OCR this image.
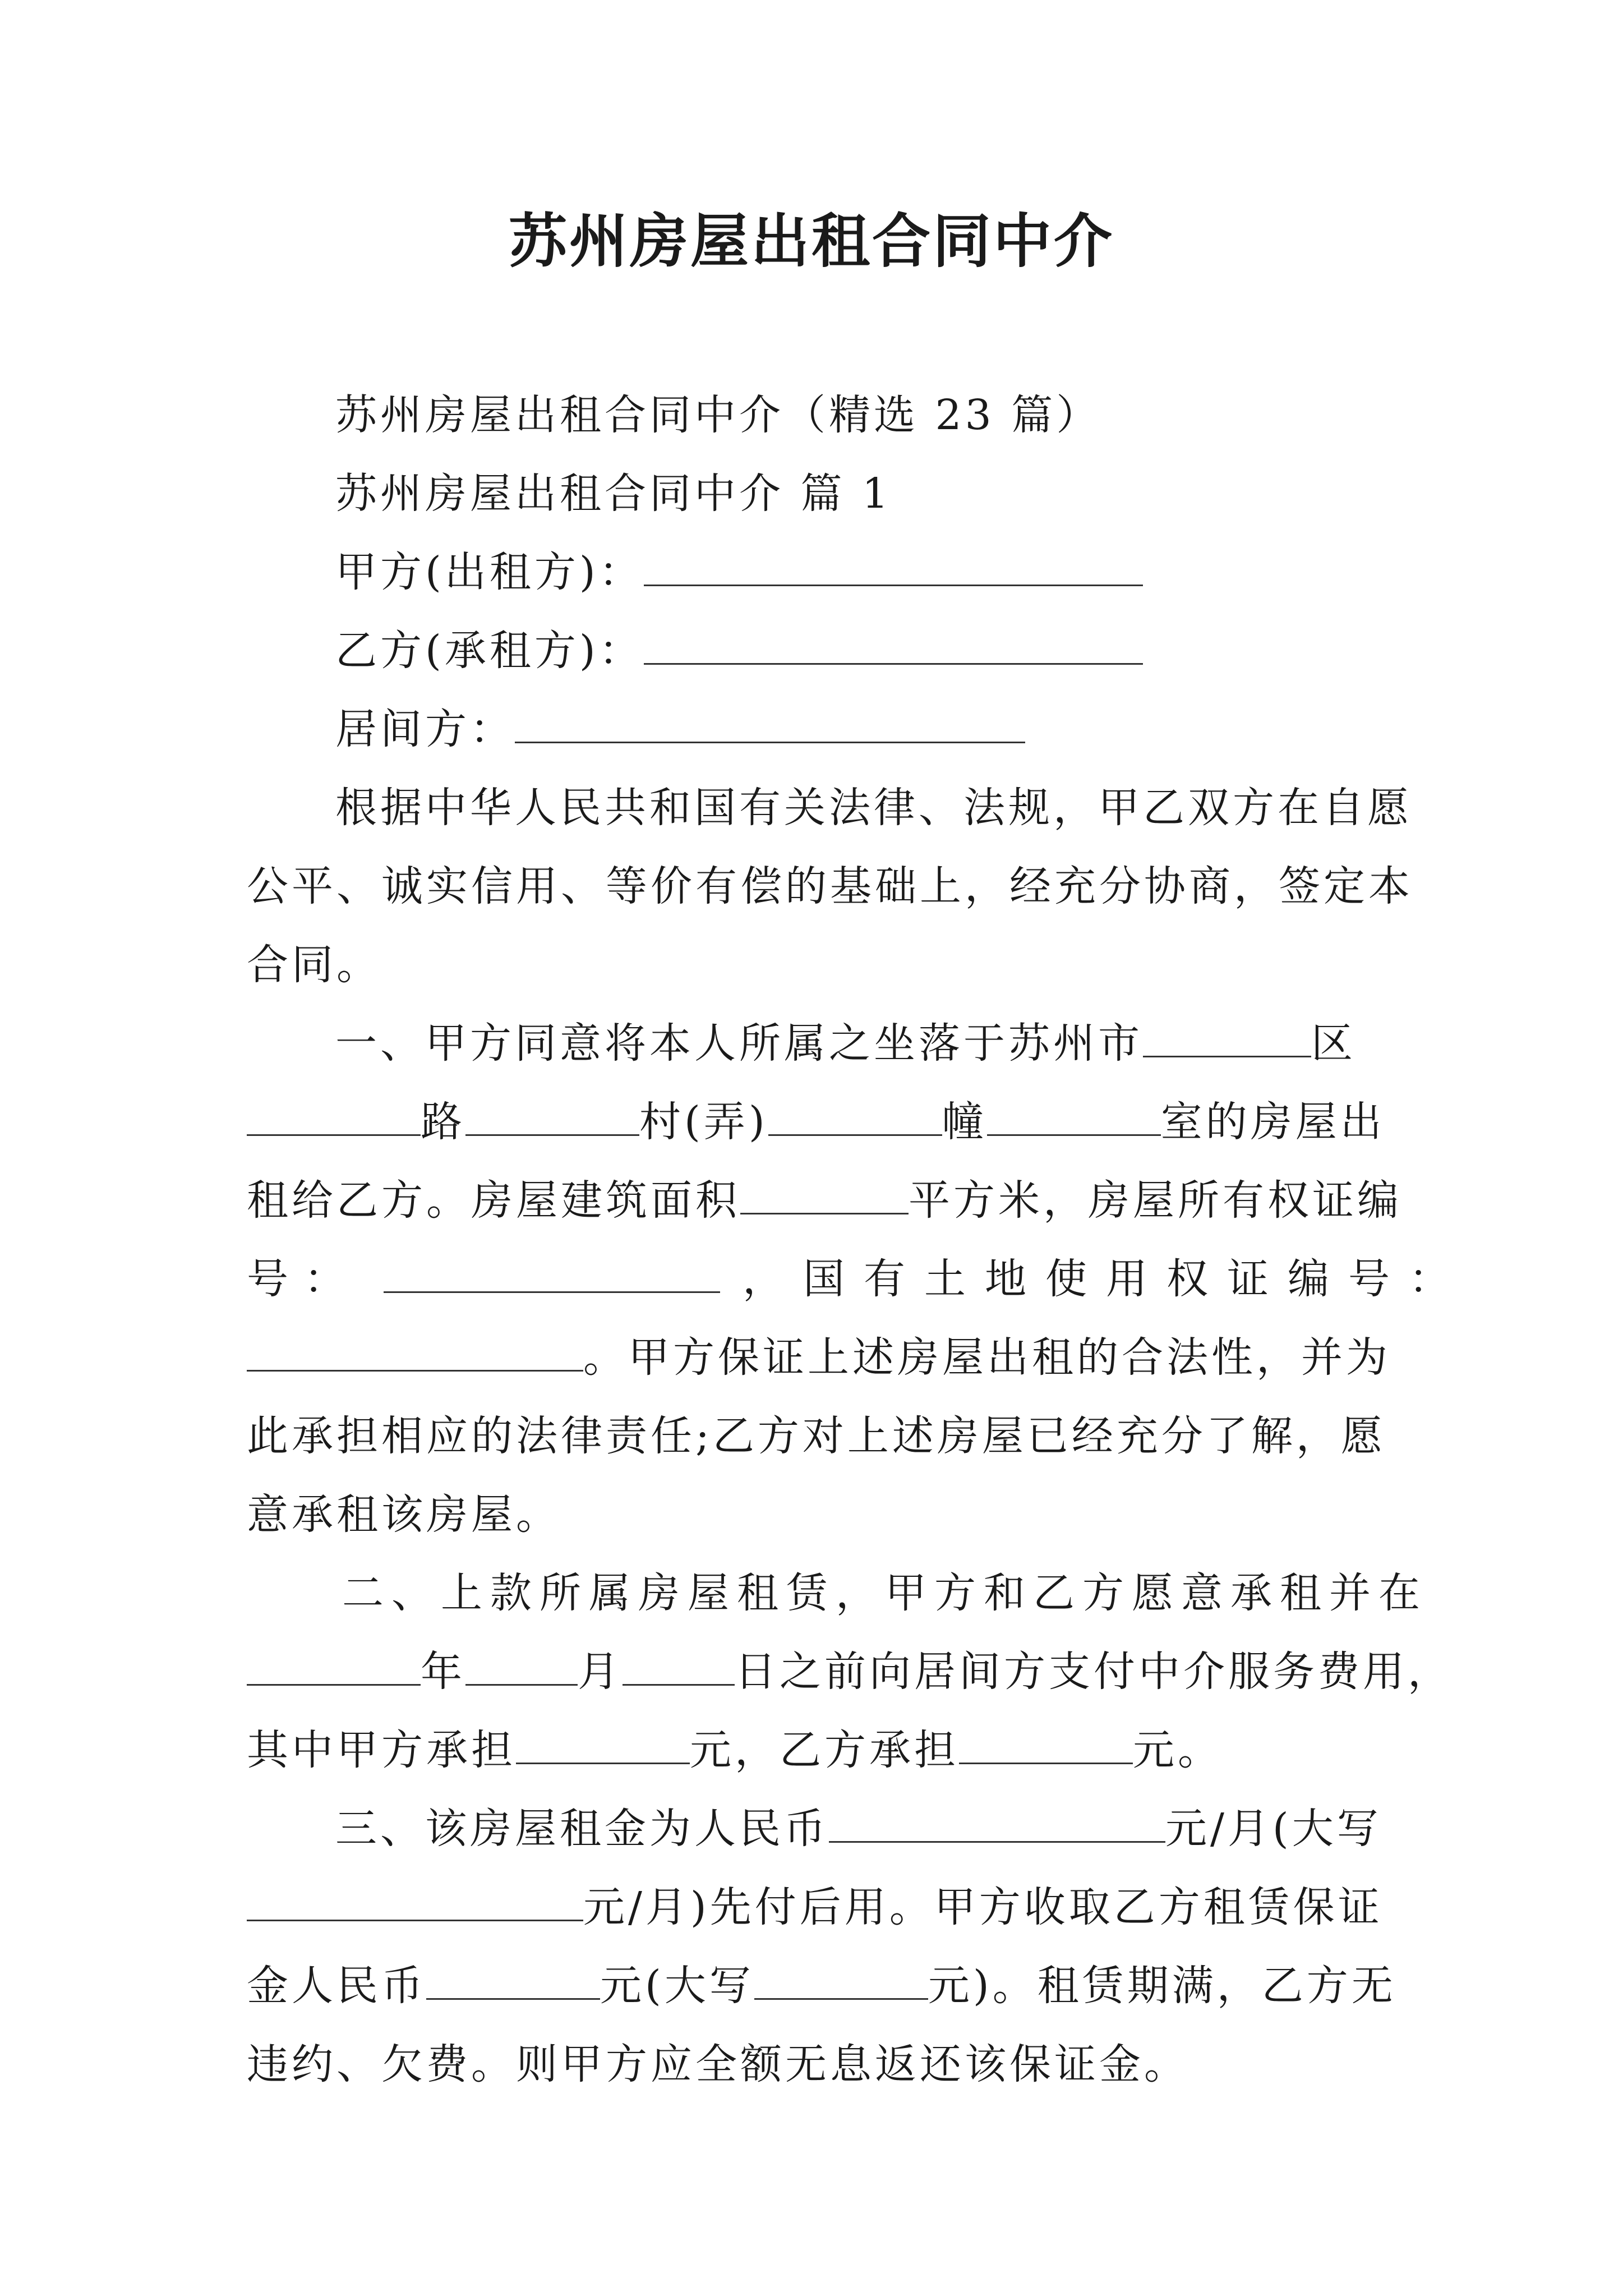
苏州房屋出租合同中介
苏州房屋出租合同中介（精选 23 篇）
苏州房屋出租合同中介 篇 1
甲方(出租方)：
乙方(承租方)：
居间方：
根据中华人民共和国有关法律、法规，甲乙双方在自愿
公平、诚实信用、等价有偿的基础上，经充分协商，签定本
合同。
一、甲方同意将本人所属之坐落于苏州市	区
路	村(弄)	幢	室的房屋出
租给乙方。房屋建筑面积	平方米，房屋所有权证编
号：	，国有土地使用权证编号：
。甲方保证上述房屋出租的合法性，并为
此承担相应的法律责任;乙方对上述房屋已经充分了解，愿
意承租该房屋。
二、上款所属房屋租赁，甲方和乙方愿意承租并在
年	月	日之前向居间方支付中介服务费用，
其中甲方承担	元，乙方承担	元。
三、该房屋租金为人民币	元/月(大写
元/月)先付后用。甲方收取乙方租赁保证
金人民币	元(大写	元)。租赁期满，乙方无
违约、欠费。则甲方应全额无息返还该保证金。
